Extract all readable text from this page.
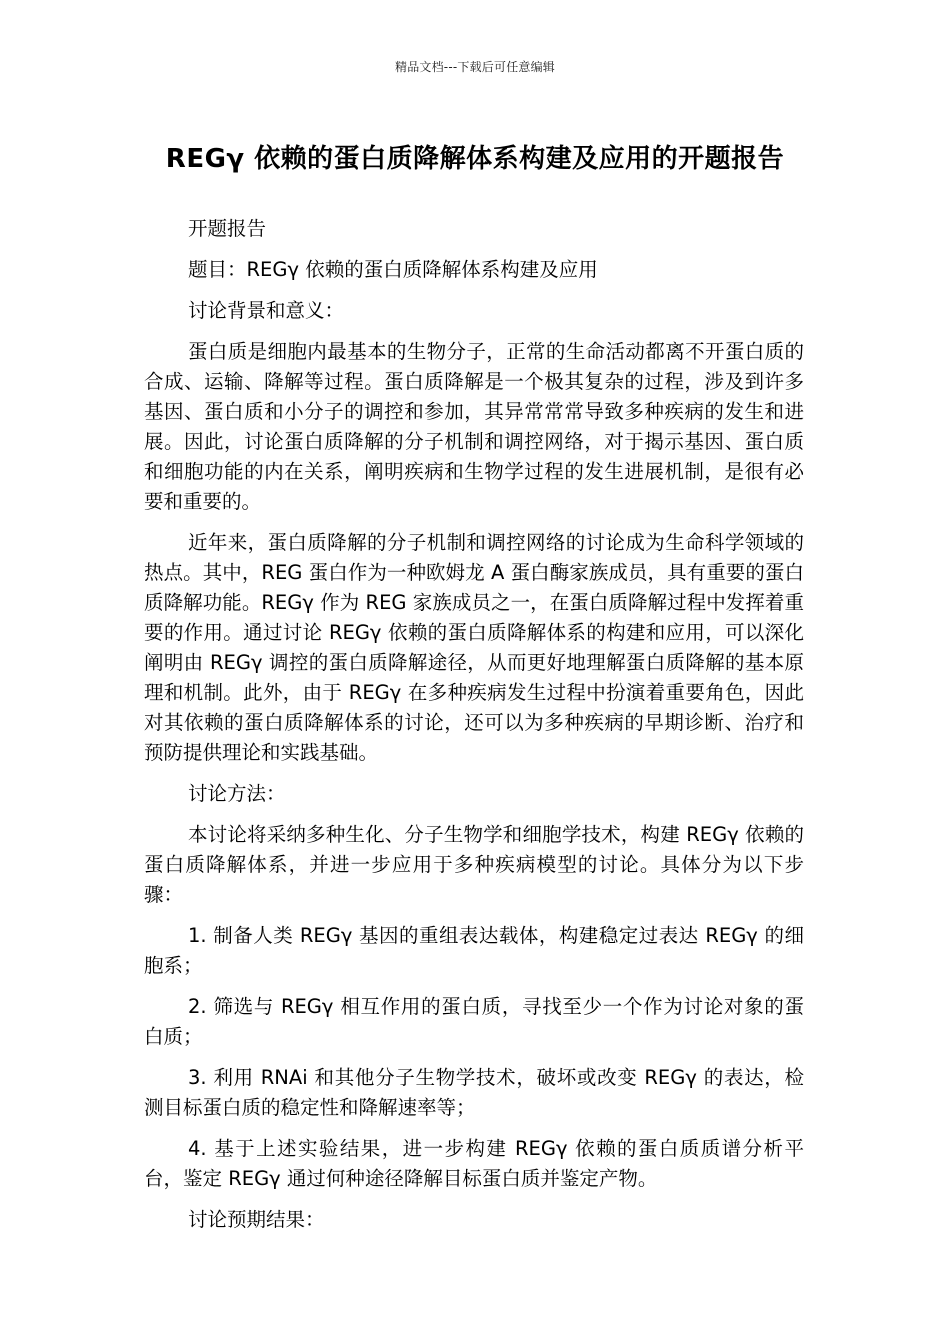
精品文档---下载后可任意编辑
REGγ 依赖的蛋白质降解体系构建及应用的开题报告

开题报告

题目：REGγ 依赖的蛋白质降解体系构建及应用

讨论背景和意义：

蛋白质是细胞内最基本的生物分子，正常的生命活动都离不开蛋白质的合成、运输、降解等过程。蛋白质降解是一个极其复杂的过程，涉及到许多基因、蛋白质和小分子的调控和参加，其异常常常导致多种疾病的发生和进展。因此，讨论蛋白质降解的分子机制和调控网络，对于揭示基因、蛋白质和细胞功能的内在关系，阐明疾病和生物学过程的发生进展机制，是很有必要和重要的。

近年来，蛋白质降解的分子机制和调控网络的讨论成为生命科学领域的热点。其中，REG 蛋白作为一种欧姆龙 A 蛋白酶家族成员，具有重要的蛋白质降解功能。REGγ 作为 REG 家族成员之一，在蛋白质降解过程中发挥着重要的作用。通过讨论 REGγ 依赖的蛋白质降解体系的构建和应用，可以深化阐明由 REGγ 调控的蛋白质降解途径，从而更好地理解蛋白质降解的基本原理和机制。此外，由于 REGγ 在多种疾病发生过程中扮演着重要角色，因此对其依赖的蛋白质降解体系的讨论，还可以为多种疾病的早期诊断、治疗和预防提供理论和实践基础。

讨论方法：

本讨论将采纳多种生化、分子生物学和细胞学技术，构建 REGγ 依赖的蛋白质降解体系，并进一步应用于多种疾病模型的讨论。具体分为以下步骤：

1. 制备人类 REGγ 基因的重组表达载体，构建稳定过表达 REGγ 的细胞系；

2. 筛选与 REGγ 相互作用的蛋白质，寻找至少一个作为讨论对象的蛋白质；

3. 利用 RNAi 和其他分子生物学技术，破坏或改变 REGγ 的表达，检测目标蛋白质的稳定性和降解速率等；

4. 基于上述实验结果，进一步构建 REGγ 依赖的蛋白质质谱分析平台，鉴定 REGγ 通过何种途径降解目标蛋白质并鉴定产物。

讨论预期结果：
